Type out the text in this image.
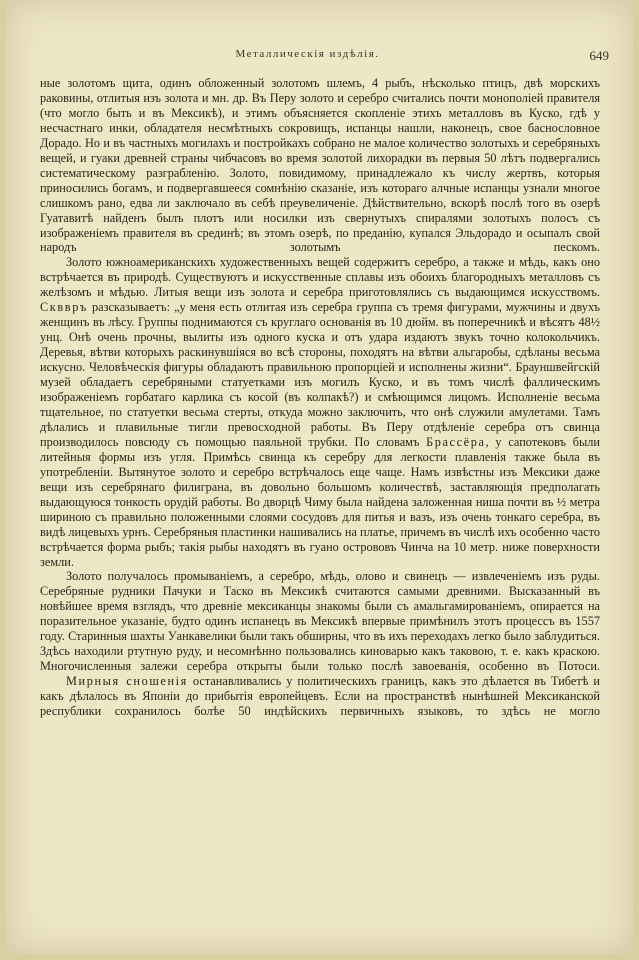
Металлическія издѣлія.	649

ные золотомъ щита, одинъ обложенный золотомъ шлемъ, 4 рыбъ, нѣсколько птицъ, двѣ морскихъ раковины, отлитыя изъ золота и мн. др. Въ Перу золото и серебро считались почти монополіей правителя (что могло быть и въ Мексикѣ), и этимъ объясняется скопленіе этихъ металловъ въ Куско, гдѣ у несчастнаго инки, обладателя несмѣтныхъ сокровищъ, испанцы нашли, наконецъ, свое баснословное Дорадо. Но и въ частныхъ могилахъ и постройкахъ собрано не малое количество золотыхъ и серебряныхъ вещей, и гуаки древней страны чибчасовъ во время золотой лихорадки въ первыя 50 лѣтъ подвергались систематическому разграбленію. Золото, повидимому, принадлежало къ числу жертвъ, которыя приносились богамъ, и подвергавшееся сомнѣнію сказаніе, изъ котораго алчные испанцы узнали многое слишкомъ рано, едва ли заключало въ себѣ преувеличеніе. Дѣйствительно, вскорѣ послѣ того въ озерѣ Гуатавитѣ найденъ былъ плотъ или носилки изъ свернутыхъ спиралями золотыхъ полосъ съ изображеніемъ правителя въ срединѣ; въ этомъ озерѣ, по преданію, купался Эльдорадо и осыпалъ свой народъ золотымъ пескомъ.

Золото южноамериканскихъ художественныхъ вещей содержитъ серебро, а также и мѣдь, какъ оно встрѣчается въ природѣ. Существуютъ и искусственные сплавы изъ обоихъ благородныхъ металловъ съ желѣзомъ и мѣдью. Литыя вещи изъ золота и серебра приготовлялись съ выдающимся искусствомъ. Скввръ разсказываетъ: „у меня есть отлитая изъ серебра группа съ тремя фигурами, мужчины и двухъ женщинъ въ лѣсу. Группы поднимаются съ круглаго основанія въ 10 дюйм. въ поперечникѣ и вѣсятъ 48½ унц. Онѣ очень прочны, вылиты изъ одного куска и отъ удара издаютъ звукъ точно колокольчикъ. Деревья, вѣтви которыхъ раскинувшіяся во всѣ стороны, походятъ на вѣтви альгаробы, сдѣланы весьма искусно. Человѣческія фигуры обладаютъ правильною пропорціей и исполнены жизни“. Брауншвейгскій музей обладаетъ серебряными статуетками изъ могилъ Куско, и въ томъ числѣ фаллическимъ изображеніемъ горбатаго карлика съ косой (въ колпакѣ?) и смѣющимся лицомъ. Исполненіе весьма тщательное, по статуетки весьма стерты, откуда можно заключить, что онѣ служили амулетами. Тамъ дѣлались и плавильные тигли превосходной работы. Въ Перу отдѣленіе серебра отъ свинца производилось повсюду съ помощью паяльной трубки. По словамъ Брассёра, у сапотековъ были литейныя формы изъ угля. Примѣсь свинца къ серебру для легкости плавленія также была въ употребленіи. Вытянутое золото и серебро встрѣчалось еще чаще. Намъ извѣстны изъ Мексики даже вещи изъ серебрянаго филиграна, въ довольно большомъ количествѣ, заставляющія предполагать выдающуюся тонкость орудій работы. Во дворцѣ Чиму была найдена заложенная ниша почти въ ½ метра шириною съ правильно положенными слоями сосудовъ для питья и вазъ, изъ очень тонкаго серебра, въ видѣ лицевыхъ урнъ. Серебряныя пластинки нашивались на платье, причемъ въ числѣ ихъ особенно часто встрѣчается форма рыбъ; такія рыбы находятъ въ гуано острововъ Чинча на 10 метр. ниже поверхности земли.

Золото получалось промываніемъ, а серебро, мѣдь, олово и свинецъ — извлеченіемъ изъ руды. Серебряные рудники Пачуки и Таско въ Мексикѣ считаются самыми древними. Высказанный въ новѣйшее время взглядъ, что древніе мексиканцы знакомы были съ амальгамированіемъ, опирается на поразительное указаніе, будто одинъ испанецъ въ Мексикѣ впервые примѣнилъ этотъ процессъ въ 1557 году. Старинныя шахты Уанкавелики были такъ обширны, что въ ихъ переходахъ легко было заблудиться. Здѣсь находили ртутную руду, и несомнѣнно пользовались киноварью какъ таковою, т. е. какъ краскою. Многочисленныя залежи серебра открыты были только послѣ завоеванія, особенно въ Потоси.

Мирныя сношенія останавливались у политическихъ границъ, какъ это дѣлается въ Тибетѣ и какъ дѣлалось въ Японіи до прибытія европейцевъ. Если на пространствѣ нынѣшней Мексиканской республики сохранилось болѣе 50 индѣйскихъ первичныхъ языковъ, то здѣсь не могло
